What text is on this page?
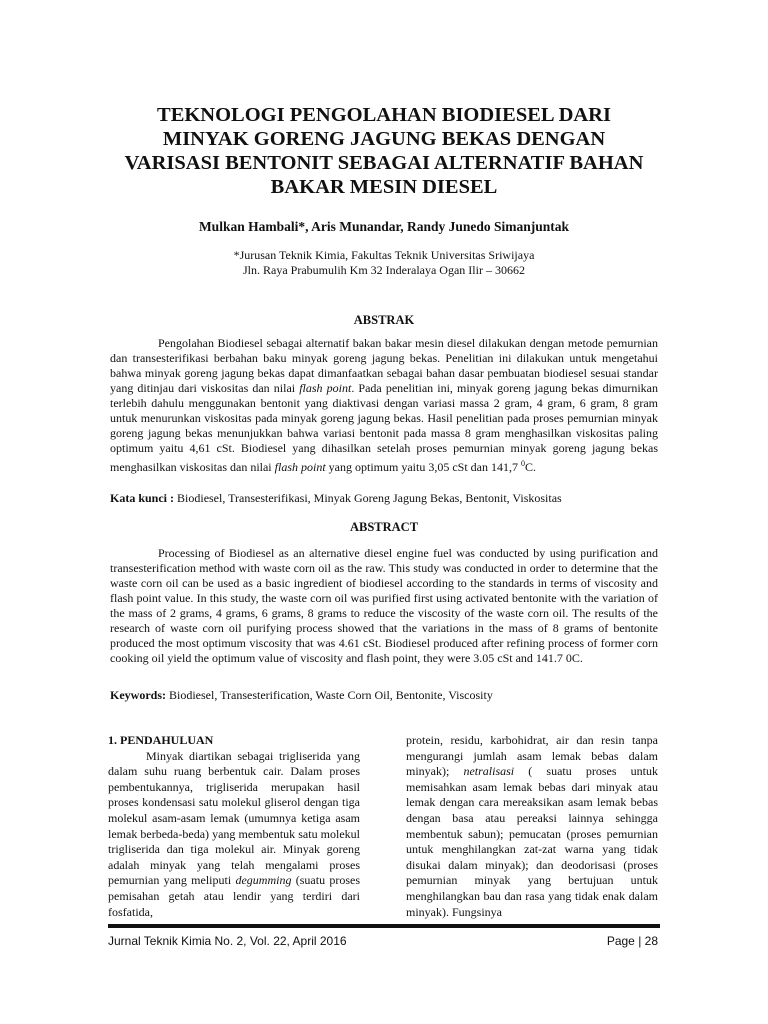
TEKNOLOGI PENGOLAHAN BIODIESEL DARI
MINYAK GORENG JAGUNG BEKAS DENGAN
VARISASI BENTONIT SEBAGAI ALTERNATIF BAHAN
BAKAR MESIN DIESEL
Mulkan Hambali*, Aris Munandar, Randy Junedo Simanjuntak
*Jurusan Teknik Kimia, Fakultas Teknik Universitas Sriwijaya
Jln. Raya Prabumulih Km 32 Inderalaya Ogan Ilir – 30662
ABSTRAK

Pengolahan Biodiesel sebagai alternatif bakan bakar mesin diesel dilakukan dengan metode pemurnian dan transesterifikasi berbahan baku minyak goreng jagung bekas. Penelitian ini dilakukan untuk mengetahui bahwa minyak goreng jagung bekas dapat dimanfaatkan sebagai bahan dasar pembuatan biodiesel sesuai standar yang ditinjau dari viskositas dan nilai flash point. Pada penelitian ini, minyak goreng jagung bekas dimurnikan terlebih dahulu menggunakan bentonit yang diaktivasi dengan variasi massa 2 gram, 4 gram, 6 gram, 8 gram untuk menurunkan viskositas pada minyak goreng jagung bekas. Hasil penelitian pada proses pemurnian minyak goreng jagung bekas menunjukkan bahwa variasi bentonit pada massa 8 gram menghasilkan viskositas paling optimum yaitu 4,61 cSt. Biodiesel yang dihasilkan setelah proses pemurnian minyak goreng jagung bekas menghasilkan viskositas dan nilai flash point yang optimum yaitu 3,05 cSt dan 141,7 $^0$C.

Kata kunci : Biodiesel, Transesterifikasi, Minyak Goreng Jagung Bekas, Bentonit, Viskositas
ABSTRACT

Processing of Biodiesel as an alternative diesel engine fuel was conducted by using purification and transesterification method with waste corn oil as the raw. This study was conducted in order to determine that the waste corn oil can be used as a basic ingredient of biodiesel according to the standards in terms of viscosity and flash point value. In this study, the waste corn oil was purified first using activated bentonite with the variation of the mass of 2 grams, 4 grams, 6 grams, 8 grams to reduce the viscosity of the waste corn oil. The results of the research of waste corn oil purifying process showed that the variations in the mass of 8 grams of bentonite produced the most optimum viscosity that was 4.61 cSt. Biodiesel produced after refining process of former corn cooking oil yield the optimum value of viscosity and flash point, they were 3.05 cSt and 141.7 0C.

Keywords: Biodiesel, Transesterification, Waste Corn Oil, Bentonite, Viscosity
1. PENDAHULUAN

Minyak diartikan sebagai trigliserida yang dalam suhu ruang berbentuk cair. Dalam proses pembentukannya, trigliserida merupakan hasil proses kondensasi satu molekul gliserol dengan tiga molekul asam-asam lemak (umumnya ketiga asam lemak berbeda-beda) yang membentuk satu molekul trigliserida dan tiga molekul air. Minyak goreng adalah minyak yang telah mengalami proses pemurnian yang meliputi degumming (suatu proses pemisahan getah atau lendir yang terdiri dari fosfatida,

protein, residu, karbohidrat, air dan resin tanpa mengurangi jumlah asam lemak bebas dalam minyak); netralisasi ( suatu proses untuk memisahkan asam lemak bebas dari minyak atau lemak dengan cara mereaksikan asam lemak bebas dengan basa atau pereaksi lainnya sehingga membentuk sabun); pemucatan (proses pemurnian untuk menghilangkan zat-zat warna yang tidak disukai dalam minyak); dan deodorisasi (proses pemurnian minyak yang bertujuan untuk menghilangkan bau dan rasa yang tidak enak dalam minyak). Fungsinya

Jurnal Teknik Kimia No. 2, Vol. 22, April 2016	Page | 28
